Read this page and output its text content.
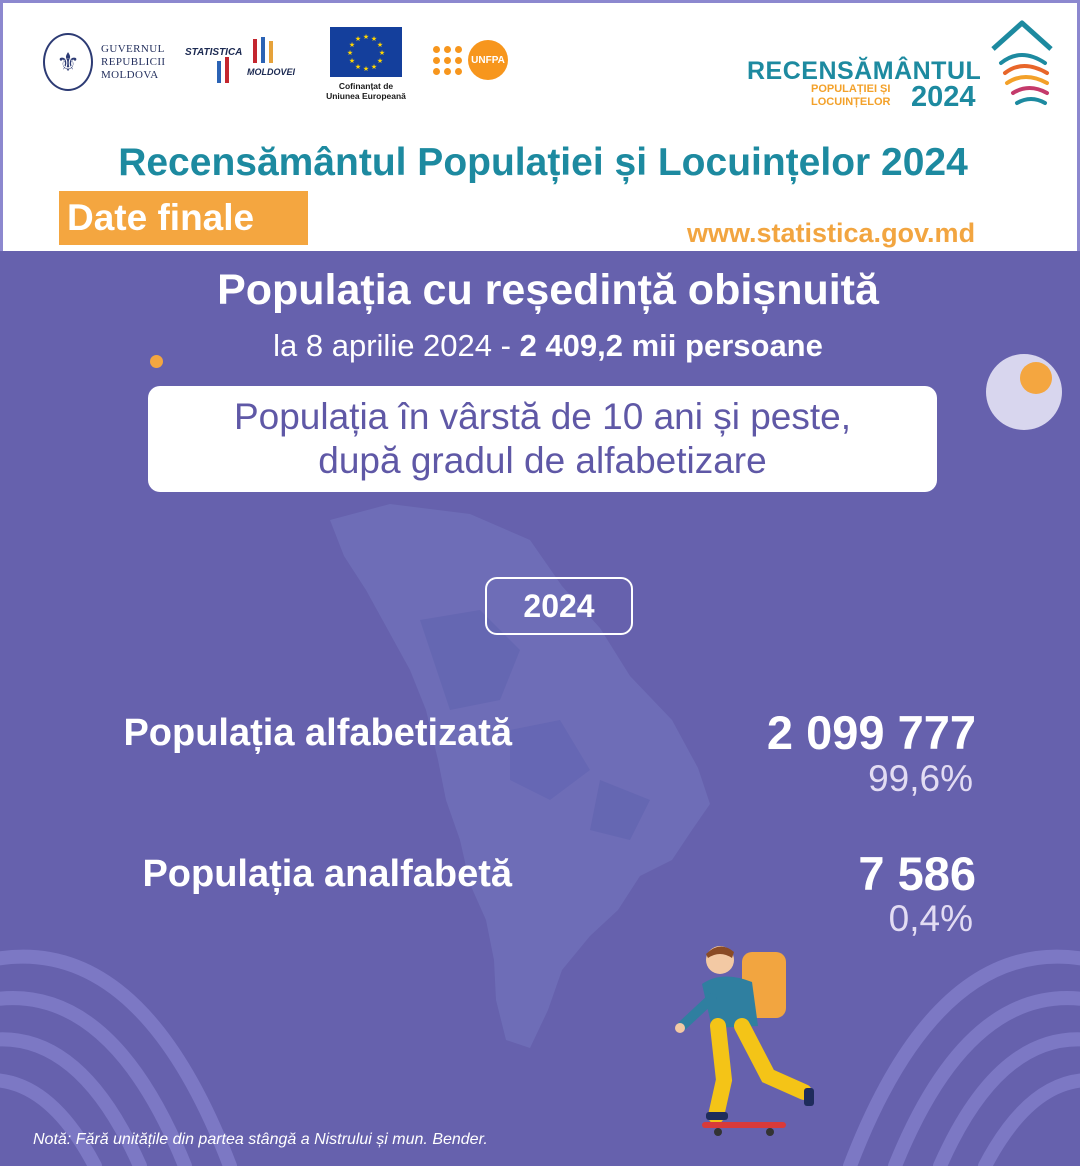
⚜	GUVERNUL
REPUBLICII
MOLDOVA
STATISTICA
MOLDOVEI
★ ★
★
★
★
★
★
★
★
★
★
★
Cofinanțat de
Uniunea Europeană
UNFPA	RECENSĂMÂNTUL
POPULAȚIEI ȘI
LOCUINȚELOR 2024
Recensământul Populației și Locuințelor 2024
Date finale	www.statistica.gov.md
Populația cu reședință obișnuită
la 8 aprilie 2024 - 2 409,2 mii persoane
Populația în vârstă de 10 ani și peste,
după gradul de alfabetizare
2024
Populația alfabetizată	2 099 777
99,6%
Populația analfabetă	7 586
0,4%
Notă: Fără unitățile din partea stângă a Nistrului și mun. Bender.
